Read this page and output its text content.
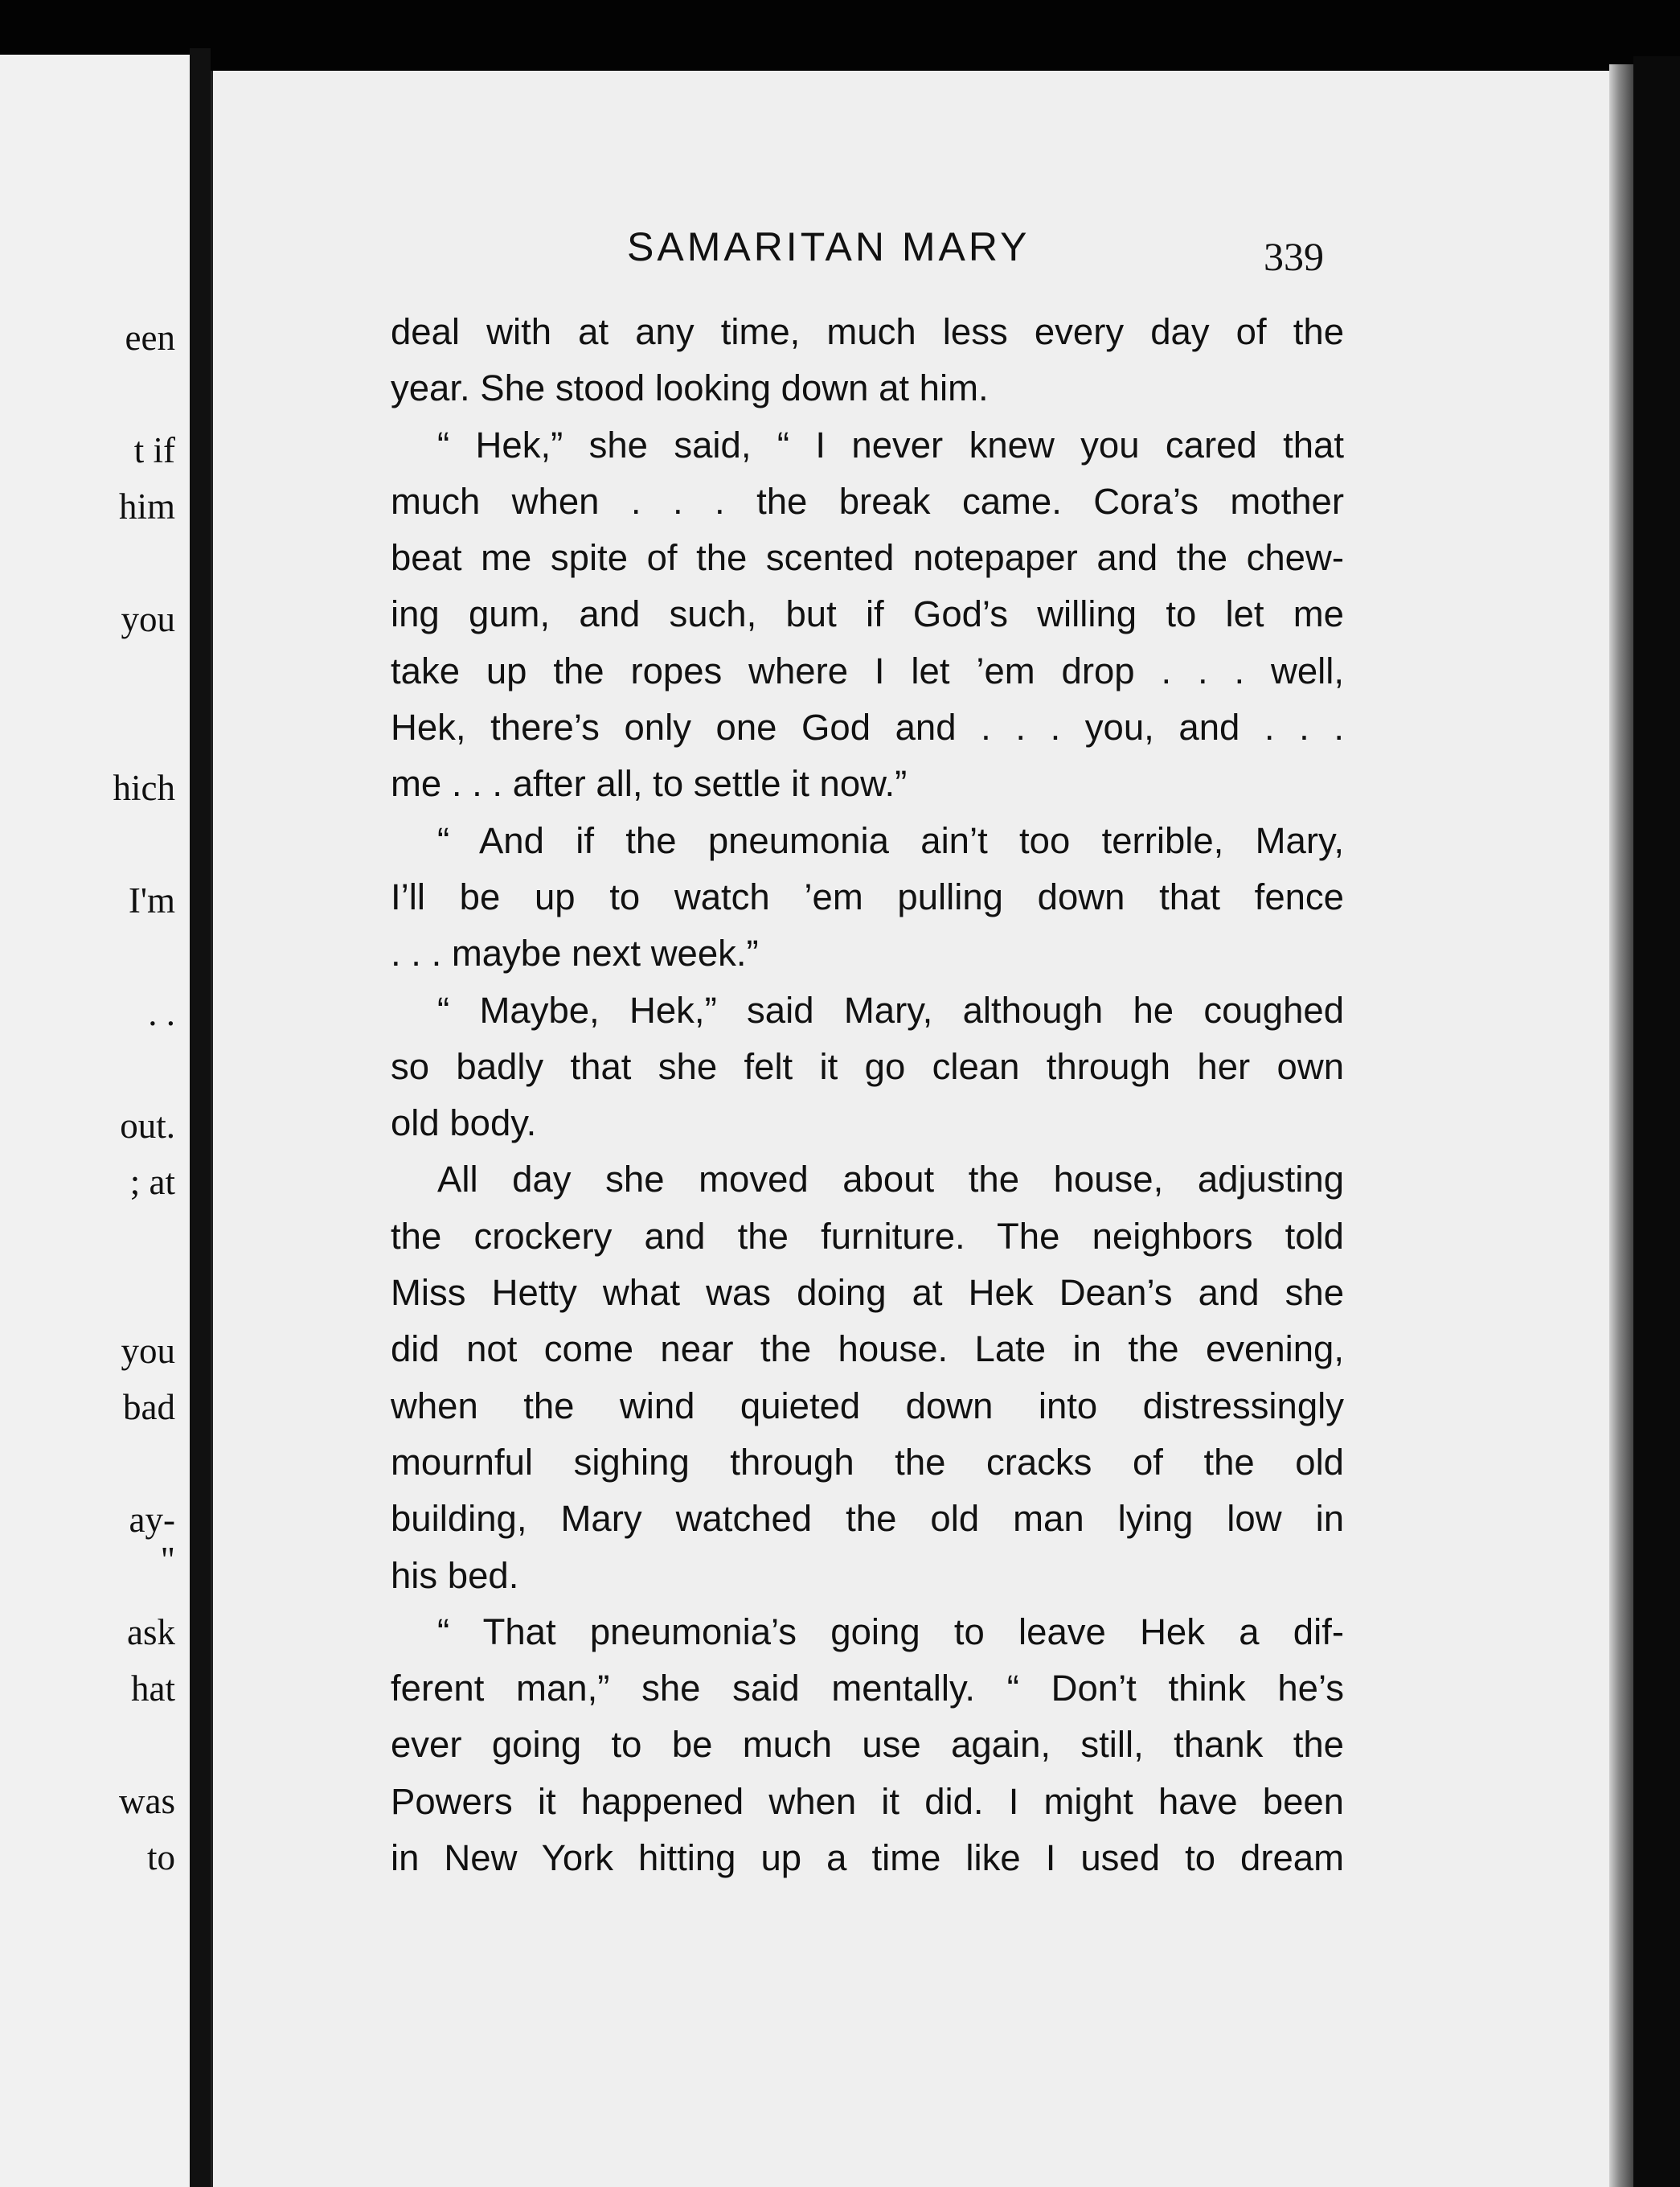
een
t if
him
you
hich
I'm
. .
out.
; at
you
bad
ay-
"
ask
hat
was
to
SAMARITAN MARY	339
deal with at any time, much less every day of the
year. She stood looking down at him.
“ Hek,” she said, “ I never knew you cared that
much when . . . the break came. Cora’s mother
beat me spite of the scented notepaper and the chew-
ing gum, and such, but if God’s willing to let me
take up the ropes where I let ’em drop . . . well,
Hek, there’s only one God and . . . you, and . . .
me . . . after all, to settle it now.”
“ And if the pneumonia ain’t too terrible, Mary,
I’ll be up to watch ’em pulling down that fence
. . . maybe next week.”
“ Maybe, Hek,” said Mary, although he coughed
so badly that she felt it go clean through her own
old body.
All day she moved about the house, adjusting
the crockery and the furniture. The neighbors told
Miss Hetty what was doing at Hek Dean’s and she
did not come near the house. Late in the evening,
when the wind quieted down into distressingly
mournful sighing through the cracks of the old
building, Mary watched the old man lying low in
his bed.
“ That pneumonia’s going to leave Hek a dif-
ferent man,” she said mentally. “ Don’t think he’s
ever going to be much use again, still, thank the
Powers it happened when it did. I might have been
in New York hitting up a time like I used to dream
